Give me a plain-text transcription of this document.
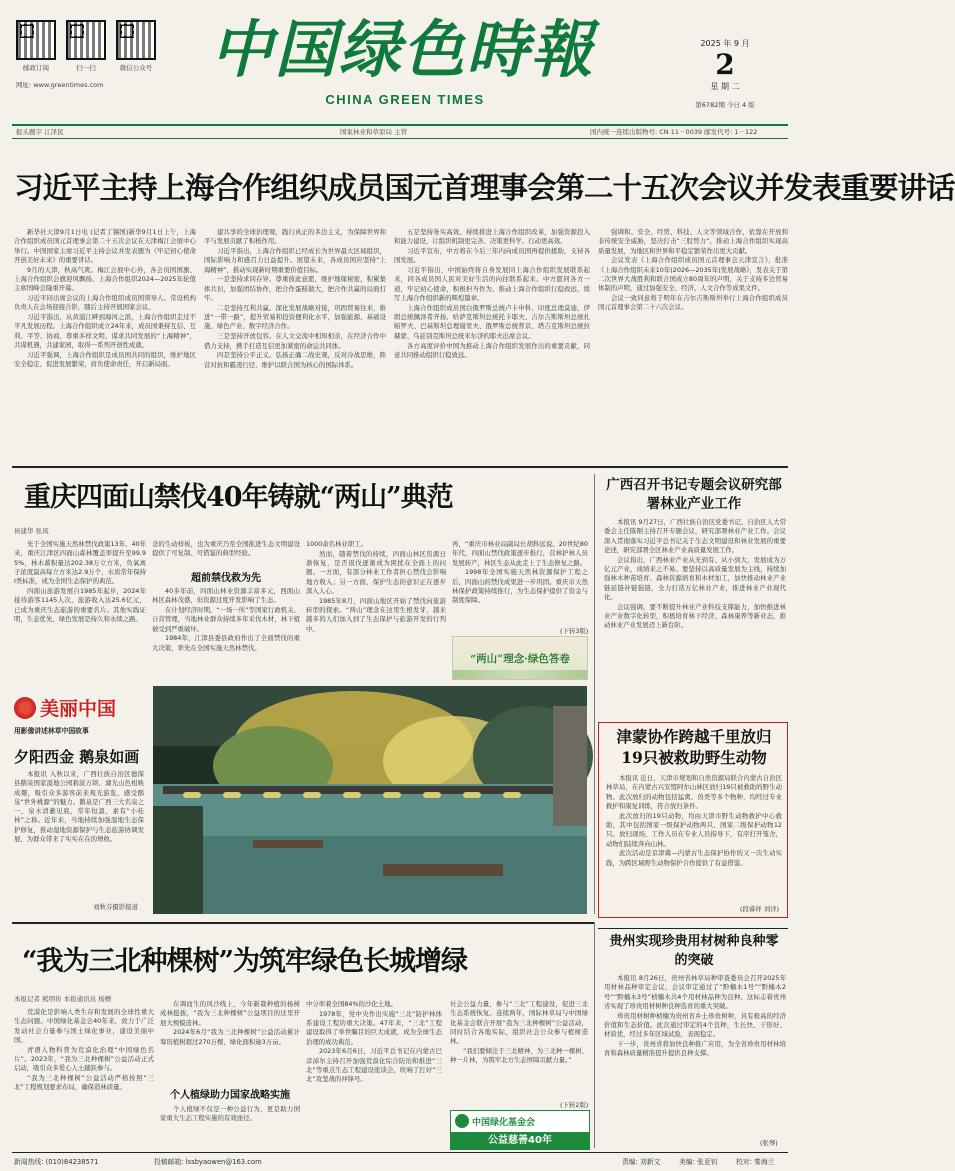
邮政订阅	扫一扫	微信公众号
网址: www.greentimes.com 中国绿色時報
CHINA GREEN TIMES
2025 年 9 月
2
星 期 二
第6782期 今日 4 版
报头题字 江泽民	国家林业和草原局 主管	国内统一连续出版物号: CN 11－0039 邮发代号: 1－122
习近平主持上海合作组织成员国元首理事会第二十五次会议并发表重要讲话

新华社天津9月1日电 (记者丁锡国)新华9月1日上午，上海合作组织成员国元首理事会第二十五次会议在天津梅江会展中心举行。中国国家主席习近平主持会议并发表题为《牢记初心使命 开创美好未来》的重要讲话。

9月的天津，秋高气爽。梅江会展中心外，各会员国国旗、上海合作组织会旗迎风飘扬。上海合作组织2024—2025年轮值主席国峰会隆重开幕。

习近平同出席会议的上海合作组织成员国领导人、常设机构负责人在会场迎接合影，随后主持开展国家会议。

习近平指出，从黄浦江畔到海河之滨，上海合作组织走过不平凡发展历程。上海合作组织成立24年来，成员国秉持互信、互利、平等、协商、尊重多样文明、谋求共同发展的“上海精神”，共谋机遇，共建家园，取得一系列开创性成就。

习近平强调，上海合作组织是成员国共同的组织，维护地区安全稳定、促进发展繁荣，肩负使命责任，开启新局面。

建共享的全球治理观，践行真正的多边主义，为保障世界和平与发展贡献了积极作用。

习近平指出，上海合作组织已经成长为世界最大区域组织，国际影响力和感召力日益提升。展望未来，各成员国应坚持“上海精神”，推动实现新时期重要价值目标。

一是坚持求同存异。尊重彼此意愿，维护地缘秘密，积累集体共识，加强团结协作，把合作蛋糕做大，把合作共赢的局面打牢。

二是坚持互利共赢。深化发展战略对接，巩固贸易往来，推进“一带一路”，提升贸易和投资便利化水平，加强能源、基础设施、绿色产业、数字经济合作。

三是坚持开放包容。在人文交流中相知相亲，在经济合作中借力支持，携手打造互信更加紧密的命运共同体。

四是坚持公平正义。弘扬正确二战史观，反对冷战思维，阵营对抗和霸凌行径，维护以联合国为核心的国际体系。

五是坚持务实高效。持续推进上海合作组织改革，加强资源投入和能力建设，让组织机制更完善、决策更科学、行动更高效。

习近平宣布，中方将在今后三年内向成员国再提供援助，支持各国发展。

习近平指出，中国始终将自身发展同上海合作组织发展联系起来，同各成员国人民对美好生活的向往联系起来。中方愿同各方一道，牢记初心使命，积极担当作为，推动上海合作组织行稳致远，续写上海合作组织新的辉煌篇章。

上海合作组织成员国白俄罗斯总统卢卡申科、印度总理莫迪、伊朗总统佩泽希齐扬、哈萨克斯坦总统托卡耶夫、吉尔吉斯斯坦总统扎帕罗夫、巴基斯坦总理谢里夫、俄罗斯总统普京、塔吉克斯坦总统拉赫蒙、乌兹别克斯坦总统米尔济约耶夫出席会议。

各方高度评价中国为推动上海合作组织发展作出的重要贡献，同意共同推动组织行稳致远。

强调和、安全、经贸、科技、人文等领域合作，依靠在开放和非传统安全威胁，坚决打击“三股势力”，推动上海合作组织实现高质量发展，为地区和世界和平稳定繁荣作出更大贡献。

会议发表《上海合作组织成员国元首理事会天津宣言》，批准《上海合作组织未来10年(2026—2035年)发展战略》，发表关于第二次世界大战胜利和联合国成立80周年的声明，关于支持多边贸易体制的声明，通过加强安全、经济、人文合作等成果文件。

会议一致同意将于明年在吉尔吉斯斯坦举行上海合作组织成员国元首理事会第二十六次会议。

重庆四面山禁伐40年铸就“两山”典范
侯建华 张凤

先于全国实施天然林禁伐政策13年、40年来，重庆江津区四面山森林覆盖率提升至99.95%，林木蓄积量达202.38万立方米，负氧离子浓度最高每立方米达2.9万个，水质常年保持Ⅰ类标准，成为全国生态保护的典范。

四面山旅游发展自1985年起步，2024年接待游客1145人次，旅游收入达25.6亿元，已成为重庆生态旅游的重要名片。其他实践证明，生态优先、绿色发展是持久和永续之路。

念的生动样板，也为重庆乃至全国推进生态文明建设提供了可复制、可借鉴的典型经验。

超前禁伐救为先

40多年前，四面山林业资源丰富多元，西面山林区森林茂盛，但资源过度开发影响了生态。

在计划经济时期，“一场一所”等国家行政机关、自营管理，当地林业群众持续多年采伐木材，林下植被受到严重破坏。

1984年，江津县委县政府作出了全面禁伐的重大决策，率先在全国实施天然林禁伐。

1000余名林业职工。

然而，随着禁伐的持续，四面山林区资源日渐恢复，是否很伐逐渐成为困扰在全面上的问题。一方面，有部分林业工作者担心禁伐会影响地方收入；另一方面，保护生态的意识正在逐步深入人心。

1985年8月，四面山地区开始了禁伐向旅游转型的探索。“两山”理念在这里生根发芽，越来越多的人们加入到了生态保护与旅游开发的行列中。

再，“重庆市林业局副局长胡科远说。20世纪80年代，四面山禁伐政策逐步推行，营林护林人员发展转产，林区生态从此走上了生态修复之路。

1998年全国实施天然林资源保护工程之后，四面山的禁伐成果进一步巩固。重庆市天然林保护政策持续推行，为生态保护提供了资金与制度保障。

(下转3版)
“两山”理念·绿色答卷
广西召开书记专题会议研究部署林业产业工作

本报讯 9月27日，广西壮族自治区党委书记、自治区人大常委会主任陈刚主持召开专题会议，研究部署林业产业工作。会议深入贯彻落实习近平总书记关于生态文明建设和林业发展的重要论述，研究部署全区林业产业高质量发展工作。

会议指出，广西林业产业从无到有、从小到大，发展成为万亿元产业，成绩来之不易。要坚持以高质量发展为主线，持续加强林木种苗培育、森林资源培育和木材加工，加快推动林业产业链延链补链强链，全力打造万亿林业产业，推进林业产业现代化。

会议强调，要不断提升林业产业科技支撑能力，加快推进林业产业数字化转型，积极培育林下经济、森林康养等新业态，推动林业产业发展迈上新台阶。

美丽中国
用影像讲述林草中国故事
夕阳西金 鹅泉如画

本报讯 入秋以来，广西壮族自治区德保县鹅泉国家湿地公园碧波万顷、湖光山色相映成趣，吸引众多游客前来观光游览，感受鹅泉“世外桃源”的魅力。鹅泉是广西三大名泉之一，泉水清澈见底，常年恒温，素有“小桂林”之称。近年来，当地持续加强湿地生态保护修复，推动湿地资源保护与生态旅游协调发展，为群众带来了实实在在的增收。

刘秋芬摄影报道
津蒙协作跨越千里放归19只被救助野生动物

本报讯 近日，天津市规划和自然资源局联合内蒙古自治区林草局，在内蒙古兴安盟阿尔山林区放归19只被救助的野生动物。此次放归的动物包括猛禽、兽类等多个物种，均经过专业救护和康复训练，符合放归条件。

此次放归的19只动物，均由天津市野生动物救护中心救助，其中包括国家一级保护动物两只、国家二级保护动物12只。放归现场，工作人员在专业人员指导下，有序打开笼舍，动物们陆续奔向山林。

此次活动是京津冀—内蒙古生态保护协作的又一次生动实践，为跨区域野生动物保护合作提供了有益借鉴。

(段睿祥 刘洋)
“我为三北种棵树”为筑牢绿色长城增绿
本报记者 熊明传 本报通讯员 杨赠

荒漠化是影响人类生存和发展的全球性重大生态问题。中国绿化基金会40年来，致力于广泛发动社会力量参与国土绿化事业，建设美丽中国。

青谱人物科普为荒漠化治理“中国绿色名片”。2023年，“我为三北种棵树”公益活动正式启动，吸引众多爱心人士踊跃参与。

“我为三北种棵树”公益活动严格按照“三北”工程规划要求布局，确保造林质量。

在调而生的风沙线上，今年新栽种植的杨树成林挺拔，“我为三北种棵树”公益项目的这里开展大规模造林。

2024年6月“我为三北种棵树”公益活动累计筹资植树超过270万棵，绿化面积逾3万亩。

个人植绿助力国家战略实施

个人植绿不仅是一种公益行为，更是助力国家重大生态工程实施的有效途径。

中分率着全国84%的沙化土地。

1978年，党中央作出实施“三北”防护林体系建设工程的重大决策。47年来，“三北”工程建设取得了举世瞩目的巨大成就，成为全球生态治理的成功典范。

2023年6月6日，习近平总书记在内蒙古巴彦淖尔主持召开加强荒漠化综合防治和推进“三北”等重点生态工程建设座谈会，吹响了打好“三北”攻坚战的冲锋号。

社会公益力量，参与“三北”工程建设，促进三北生态系统恢复。连续两年，国际林草局与中国绿化基金会联合开展“我为三北种棵树”公益活动，同时结合各地实际，组织社会公众参与植树造林。

“我们要倾注于三北精神，为三北种一棵树、种一片林，为筑牢北方生态屏障贡献力量。”

(下转2版)
中国绿化基金会
公益慈善40年
贵州实现珍贵用材树种良种零的突破

本报讯 8月26日，贵州省林草局种审查委员会召开2025年用材林品种审定会议，会议审定通过了“黔楠木1号”“黔楠木2号”“黔楠木3号”桢楠木共4个用材林品种为良种。这标志着贵州省实现了珍贵用材树种良种选育的重大突破。

珍贵用材树种桢楠为贵州省乡土珍贵树种，具有极高的经济价值和生态价值。此次通过审定的4个良种，生长快、干形好、材质优，经过多年区域试验，表现稳定。

下一步，贵州省将加快良种推广应用，为全省珍贵用材林培育和森林质量精准提升提供良种支撑。

(张琴)
新闻热线: (010)84238571	投稿邮箱: lssbyaowen@163.com	责编: 刘新文	美编: 张亚钊	校对: 秦海兰
